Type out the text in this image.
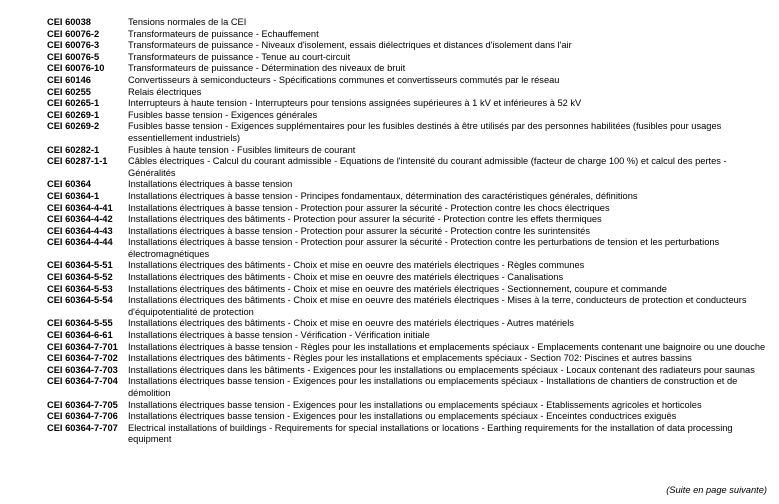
CEI 60038	Tensions normales de la CEI
CEI 60076-2	Transformateurs de puissance - Echauffement
CEI 60076-3	Transformateurs de puissance - Niveaux d'isolement, essais diélectriques et distances d'isolement dans l'air
CEI 60076-5	Transformateurs de puissance - Tenue au court-circuit
CEI 60076-10	Transformateurs de puissance - Détermination des niveaux de bruit
CEI 60146	Convertisseurs à semiconducteurs - Spécifications communes et convertisseurs commutés par le réseau
CEI 60255	Relais électriques
CEI 60265-1	Interrupteurs à haute tension - Interrupteurs pour tensions assignées supérieures à 1 kV et inférieures à 52 kV
CEI 60269-1	Fusibles basse tension - Exigences générales
CEI 60269-2	Fusibles basse tension - Exigences supplémentaires pour les fusibles destinés à être utilisés par des personnes habilitées (fusibles pour usages essentiellement industriels)
CEI 60282-1	Fusibles à haute tension - Fusibles limiteurs de courant
CEI 60287-1-1	Câbles électriques - Calcul du courant admissible - Equations de l'intensité du courant admissible (facteur de charge 100 %) et calcul des pertes - Généralités
CEI 60364	Installations électriques à basse tension
CEI 60364-1	Installations électriques à basse tension - Principes fondamentaux, détermination des caractéristiques générales, définitions
CEI 60364-4-41	Installations électriques à basse tension - Protection pour assurer la sécurité - Protection contre les chocs électriques
CEI 60364-4-42	Installations électriques des bâtiments - Protection pour assurer la sécurité - Protection contre les effets thermiques
CEI 60364-4-43	Installations électriques à basse tension - Protection pour assurer la sécurité - Protection contre les surintensités
CEI 60364-4-44	Installations électriques à basse tension - Protection pour assurer la sécurité - Protection contre les perturbations de tension et les perturbations électromagnétiques
CEI 60364-5-51	Installations électriques des bâtiments - Choix et mise en oeuvre des matériels électriques - Règles communes
CEI 60364-5-52	Installations électriques des bâtiments - Choix et mise en oeuvre des matériels électriques - Canalisations
CEI 60364-5-53	Installations électriques des bâtiments - Choix et mise en oeuvre des matériels électriques - Sectionnement, coupure et commande
CEI 60364-5-54	Installations électriques des bâtiments - Choix et mise en oeuvre des matériels électriques - Mises à la terre, conducteurs de protection et conducteurs d'équipotentialité de protection
CEI 60364-5-55	Installations électriques des bâtiments - Choix et mise en oeuvre des matériels électriques - Autres matériels
CEI 60364-6-61	Installations électriques à basse tension - Vérification - Vérification initiale
CEI 60364-7-701	Installations électriques à basse tension - Règles pour les installations et emplacements spéciaux - Emplacements contenant une baignoire ou une douche
CEI 60364-7-702	Installations électriques des bâtiments - Règles pour les installations et emplacements spéciaux - Section 702: Piscines et autres bassins
CEI 60364-7-703	Installations électriques dans les bâtiments - Exigences pour les installations ou emplacements spéciaux - Locaux contenant des radiateurs pour saunas
CEI 60364-7-704	Installations électriques basse tension - Exigences pour les installations ou emplacements spéciaux - Installations de chantiers de construction et de démolition
CEI 60364-7-705	Installations électriques basse tension - Exigences pour les installations ou emplacements spéciaux - Etablissements agricoles et horticoles
CEI 60364-7-706	Installations électriques basse tension - Exigences pour les installations ou emplacements spéciaux - Enceintes conductrices exiguës
CEI 60364-7-707	Electrical installations of buildings - Requirements for special installations or locations - Earthing requirements for the installation of data processing equipment
(Suite en page suivante)
